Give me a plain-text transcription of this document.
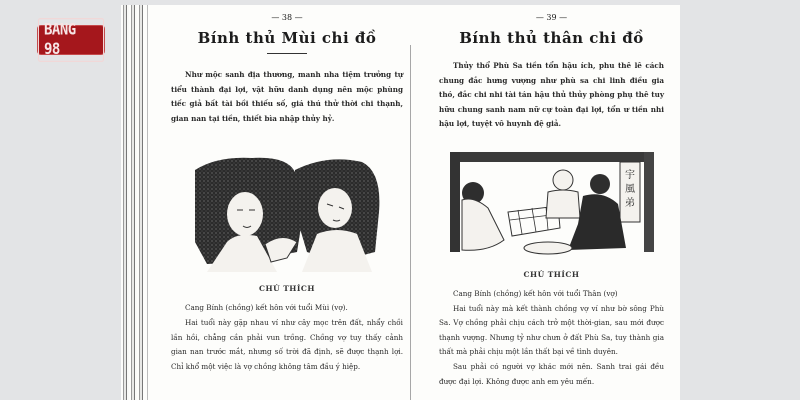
BANG 98
— 38 —
Bính thủ Mùi chi đồ

Như mộc sanh địa thương, manh nha tiệm trưởng tự tiểu thành đại lợi, vật hữu danh dụng nên mộc phùng tiếc giả bất tài bồi thiếu số, giá thú thử thời chi thạnh, gian nan tại tiền, thiết bìa nhập thủy hỷ.

CHÚ THÍCH

Cang Bính (chồng) kết hôn với tuổi Mùi (vợ).

Hai tuổi này gặp nhau ví như cây mọc trên đất, nhẩy chồi lần hồi, chẳng cần phải vun trồng. Chồng vợ tuy thấy cảnh gian nan trước mắt, nhưng số trời đã định, sẽ được thạnh lợi. Chỉ khổ một việc là vợ chồng không tâm đầu ý hiệp.

— 39 —
Bính thủ thân chi đồ

Thủy thổ Phù Sa tiền tổn hậu ích, phu thê lê cách chung đắc hưng vượng như phù sa chi linh điều gia thó, đắc chi nhi tài tán hậu thủ thủy phòng phụ thê tuy hữu chung sanh nam nữ cự toàn đại lợi, tổn ư tiền nhi hậu lợi, tuyệt vô huynh đệ giả.

宇
風
弟
CHÚ THÍCH

Cang Bính (chồng) kết hôn với tuổi Thân (vợ)

Hai tuổi này mà kết thành chồng vợ ví như bờ sông Phù Sa. Vợ chồng phải chịu cách trở một thời-gian, sau mới được thạnh vượng. Nhưng tỷ như chưn ở đất Phù Sa, tuy thành gia thất mà phải chịu một lần thất bại về tình duyên.

Sau phải có người vợ khác mới nên. Sanh trai gái đều được đại lợi. Không được anh em yêu mến.
